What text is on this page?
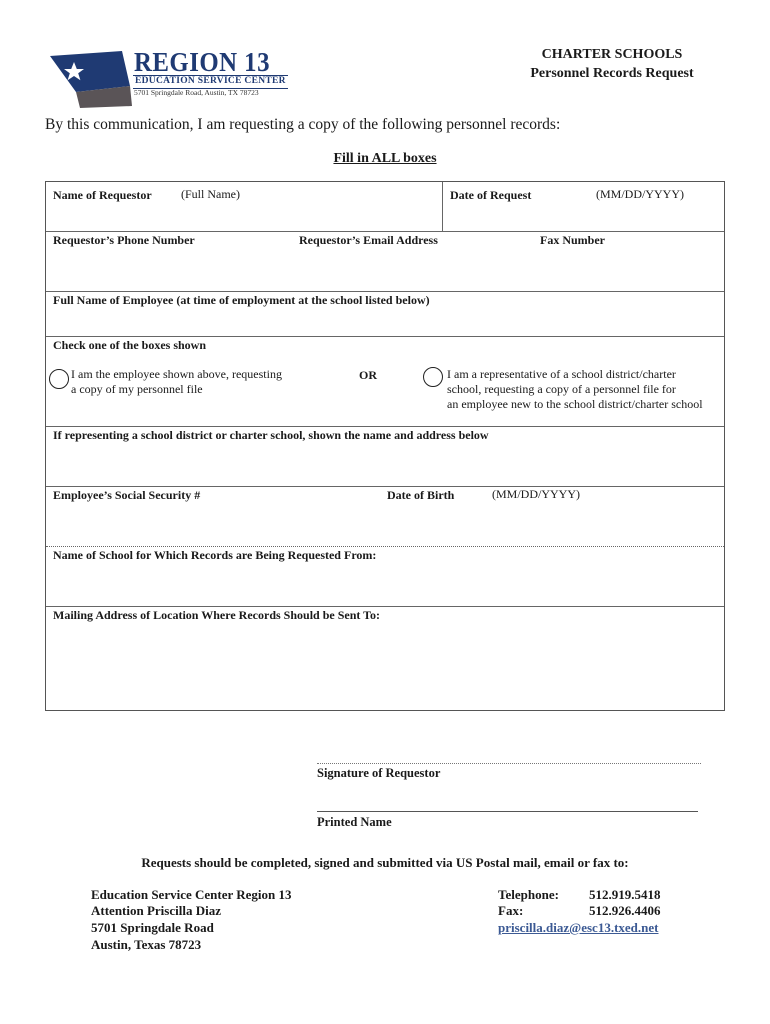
REGION 13
EDUCATION SERVICE CENTER
5701 Springdale Road, Austin, TX 78723
CHARTER SCHOOLS
Personnel Records Request
By this communication, I am requesting a copy of the following personnel records:
Fill in ALL boxes
Name of Requestor (Full Name)	Date of Request	(MM/DD/YYYY)
Requestor’s Phone Number	Requestor’s Email Address	Fax Number
Full Name of Employee (at time of employment at the school listed below)
Check one of the boxes shown
I am the employee shown above, requesting
a copy of my personnel file
OR	I am a representative of a school district/charter
school, requesting a copy of a personnel file for
an employee new to the school district/charter school
If representing a school district or charter school, shown the name and address below
Employee’s Social Security #	Date of Birth	(MM/DD/YYYY)
Name of School for Which Records are Being Requested From:
Mailing Address of Location Where Records Should be Sent To:
Signature of Requestor
Printed Name
Requests should be completed, signed and submitted via US Postal mail, email or fax to:
Education Service Center Region 13
Attention Priscilla Diaz
5701 Springdale Road
Austin, Texas 78723
Telephone: 512.919.5418
Fax:	512.926.4406
priscilla.diaz@esc13.txed.net
